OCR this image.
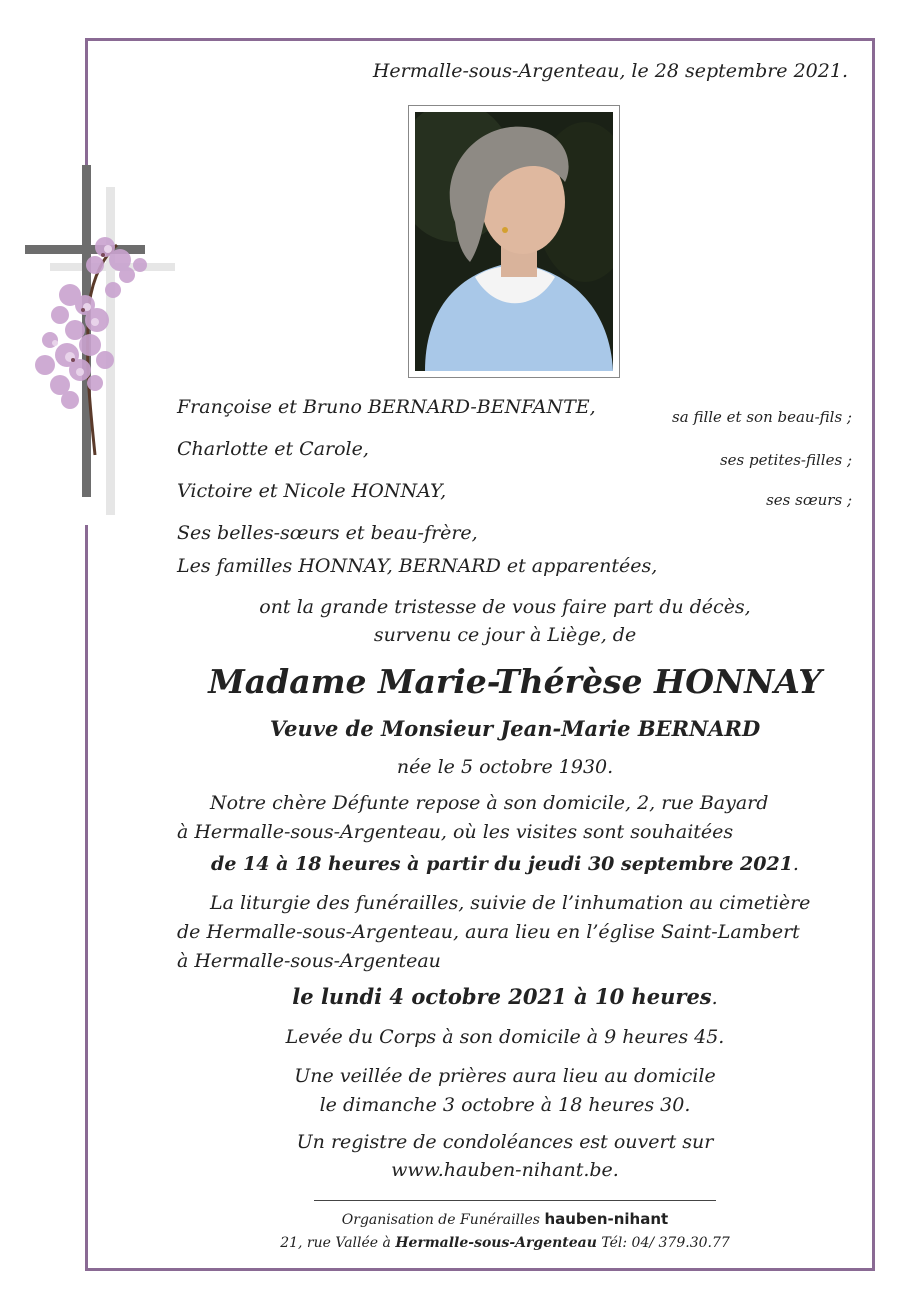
Hermalle-sous-Argenteau, le 28 septembre 2021.
Françoise et Bruno BERNARD-BENFANTE,	sa fille et son beau-fils ;
Charlotte et Carole,	ses petites-filles ;
Victoire et Nicole HONNAY,	ses sœurs ;
Ses belles-sœurs et beau-frère,
Les familles HONNAY, BERNARD et apparentées,
ont la grande tristesse de vous faire part du décès,
survenu ce jour à Liège, de
Madame Marie-Thérèse HONNAY
Veuve de Monsieur Jean-Marie BERNARD
née le 5 octobre 1930.
Notre chère Défunte repose à son domicile, 2, rue Bayard
à Hermalle-sous-Argenteau, où les visites sont souhaitées
de 14 à 18 heures à partir du jeudi 30 septembre 2021.
La liturgie des funérailles, suivie de l’inhumation au cimetière
de Hermalle-sous-Argenteau, aura lieu en l’église Saint-Lambert
à Hermalle-sous-Argenteau
le lundi 4 octobre 2021 à 10 heures.
Levée du Corps à son domicile à 9 heures 45.
Une veillée de prières aura lieu au domicile
le dimanche 3 octobre à 18 heures 30.
Un registre de condoléances est ouvert sur
www.hauben-nihant.be.
Organisation de Funérailles hauben-nihant
21, rue Vallée à Hermalle-sous-Argenteau Tél: 04/ 379.30.77
